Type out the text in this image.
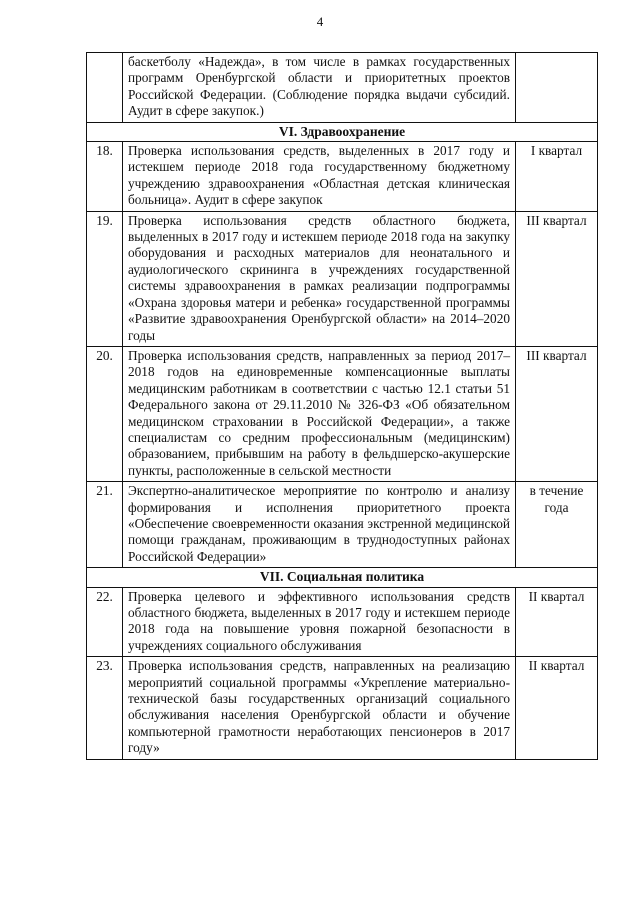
4
	баскетболу «Надежда», в том числе в рамках государственных программ Оренбургской области и приоритетных проектов Российской Федерации. (Соблюдение порядка выдачи субсидий. Аудит в сфере закупок.)	
VI. Здравоохранение		
18.	Проверка использования средств, выделенных в 2017 году и истекшем периоде 2018 года государственному бюджетному учреждению здравоохранения «Областная детская клиническая больница». Аудит в сфере закупок	I квартал
19.	Проверка использования средств областного бюджета, выделенных в 2017 году и истекшем периоде 2018 года на закупку оборудования и расходных материалов для неонатального и аудиологического скрининга в учреждениях государственной системы здравоохранения в рамках реализации подпрограммы «Охрана здоровья матери и ребенка» государственной программы «Развитие здравоохранения Оренбургской области» на 2014–2020 годы	III квартал
20.	Проверка использования средств, направленных за период 2017–2018 годов на единовременные компенсационные выплаты медицинским работникам в соответствии с частью 12.1 статьи 51 Федерального закона от 29.11.2010 № 326-ФЗ «Об обязательном медицинском страховании в Российской Федерации», а также специалистам со средним профессиональным (медицинским) образованием, прибывшим на работу в фельдшерско-акушерские пункты, расположенные в сельской местности	III квартал
21.	Экспертно-аналитическое мероприятие по контролю и анализу формирования и исполнения приоритетного проекта «Обеспечение своевременности оказания экстренной медицинской помощи гражданам, проживающим в труднодоступных районах Российской Федерации»	в течение года
VII. Социальная политика		
22.	Проверка целевого и эффективного использования средств областного бюджета, выделенных в 2017 году и истекшем периоде 2018 года на повышение уровня пожарной безопасности в учреждениях социального обслуживания	II квартал
23.	Проверка использования средств, направленных на реализацию мероприятий социальной программы «Укрепление материально-технической базы государственных организаций социального обслуживания населения Оренбургской области и обучение компьютерной грамотности неработающих пенсионеров в 2017 году»	II квартал
